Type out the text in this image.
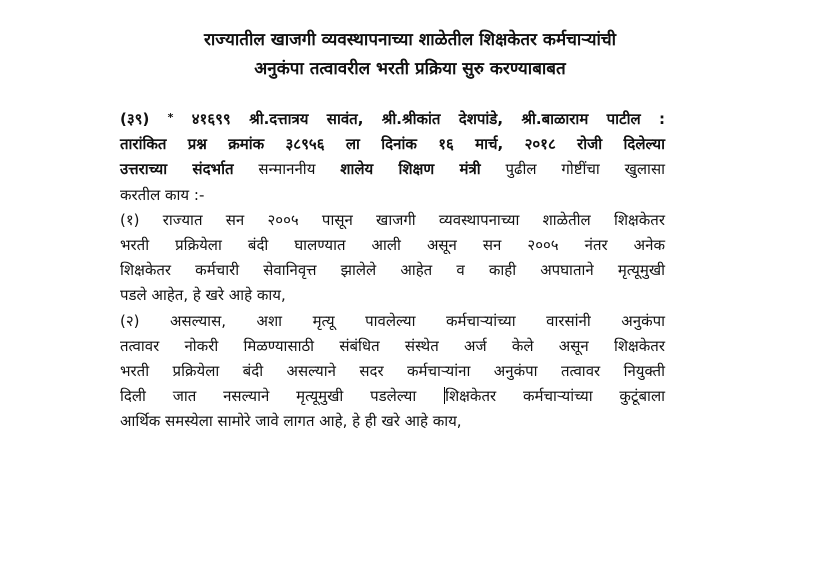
राज्यातील खाजगी व्यवस्थापनाच्या शाळेतील शिक्षकेतर कर्मचाऱ्यांची
अनुकंपा तत्वावरील भरती प्रक्रिया सुरु करण्याबाबत
(३९) * ४१६९९ श्री.दत्तात्रय सावंत, श्री.श्रीकांत देशपांडे, श्री.बाळाराम पाटील :
तारांकित प्रश्न क्रमांक ३८९५६ ला दिनांक १६ मार्च, २०१८ रोजी दिलेल्या
उत्तराच्या संदर्भात सन्माननीय शालेय शिक्षण मंत्री पुढील गोष्टींचा खुलासा
करतील काय :-
(१) राज्यात सन २००५ पासून खाजगी व्यवस्थापनाच्या शाळेतील शिक्षकेतर
भरती प्रक्रियेला बंदी घालण्यात आली असून सन २००५ नंतर अनेक
शिक्षकेतर कर्मचारी सेवानिवृत्त झालेले आहेत व काही अपघाताने मृत्यूमुखी
पडले आहेत, हे खरे आहे काय,
(२) असल्यास, अशा मृत्यू पावलेल्या कर्मचाऱ्यांच्या वारसांनी अनुकंपा
तत्वावर नोकरी मिळण्यासाठी संबंधित संस्थेत अर्ज केले असून शिक्षकेतर
भरती प्रक्रियेला बंदी असल्याने सदर कर्मचाऱ्यांना अनुकंपा तत्वावर नियुक्ती
दिली जात नसल्याने मृत्यूमुखी पडलेल्या शिक्षकेतर कर्मचाऱ्यांच्या कुटूंबाला
आर्थिक समस्येला सामोरे जावे लागत आहे, हे ही खरे आहे काय,
